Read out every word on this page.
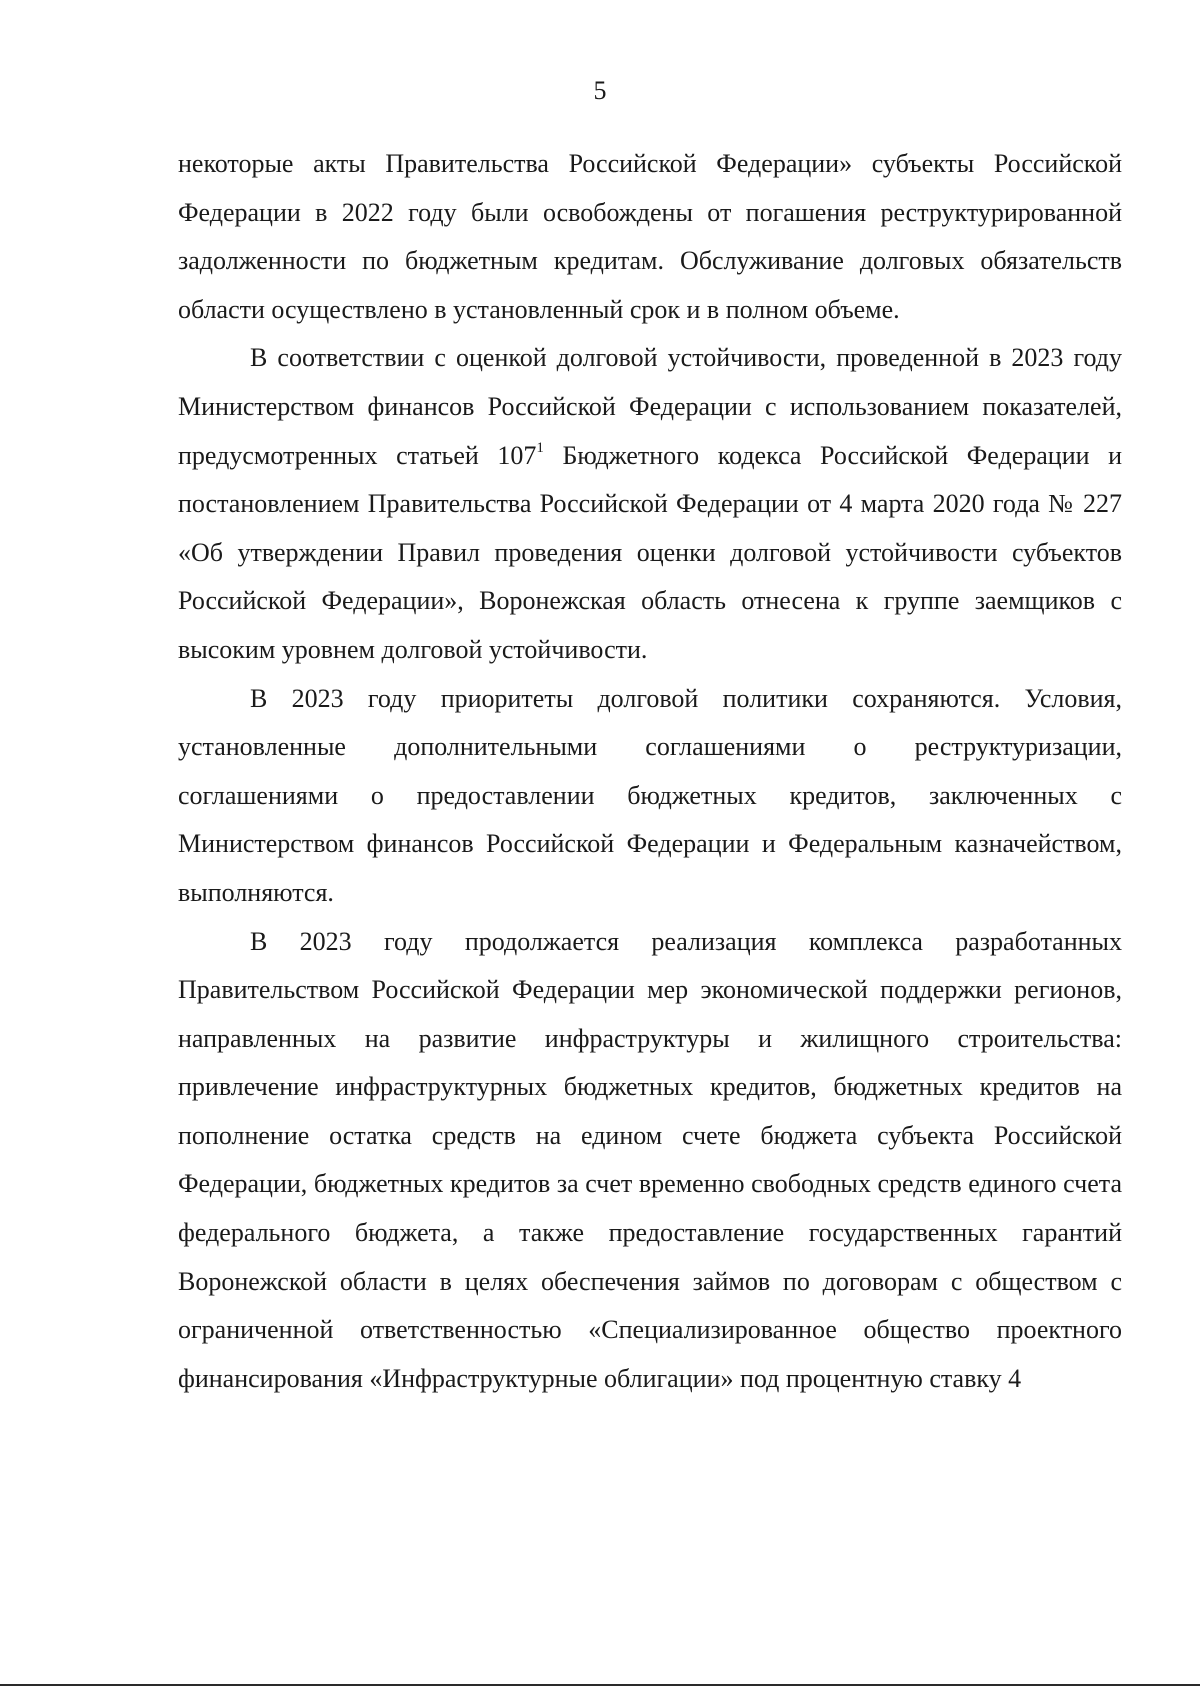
5

некоторые акты Правительства Российской Федерации» субъекты Российской Федерации в 2022 году были освобождены от погашения реструктурированной задолженности по бюджетным кредитам. Обслуживание долговых обязательств области осуществлено в установленный срок и в полном объеме.

В соответствии с оценкой долговой устойчивости, проведенной в 2023 году Министерством финансов Российской Федерации с использованием показателей, предусмотренных статьей $107^1$ Бюджетного кодекса Российской Федерации и постановлением Правительства Российской Федерации от 4 марта 2020 года № 227 «Об утверждении Правил проведения оценки долговой устойчивости субъектов Российской Федерации», Воронежская область отнесена к группе заемщиков с высоким уровнем долговой устойчивости.

В 2023 году приоритеты долговой политики сохраняются. Условия, установленные дополнительными соглашениями о реструктуризации, соглашениями о предоставлении бюджетных кредитов, заключенных с Министерством финансов Российской Федерации и Федеральным казначейством, выполняются.

В 2023 году продолжается реализация комплекса разработанных Правительством Российской Федерации мер экономической поддержки регионов, направленных на развитие инфраструктуры и жилищного строительства: привлечение инфраструктурных бюджетных кредитов, бюджетных кредитов на пополнение остатка средств на едином счете бюджета субъекта Российской Федерации, бюджетных кредитов за счет временно свободных средств единого счета федерального бюджета, а также предоставление государственных гарантий Воронежской области в целях обеспечения займов по договорам с обществом с ограниченной ответственностью «Специализированное общество проектного финансирования «Инфраструктурные облигации» под процентную ставку 4
